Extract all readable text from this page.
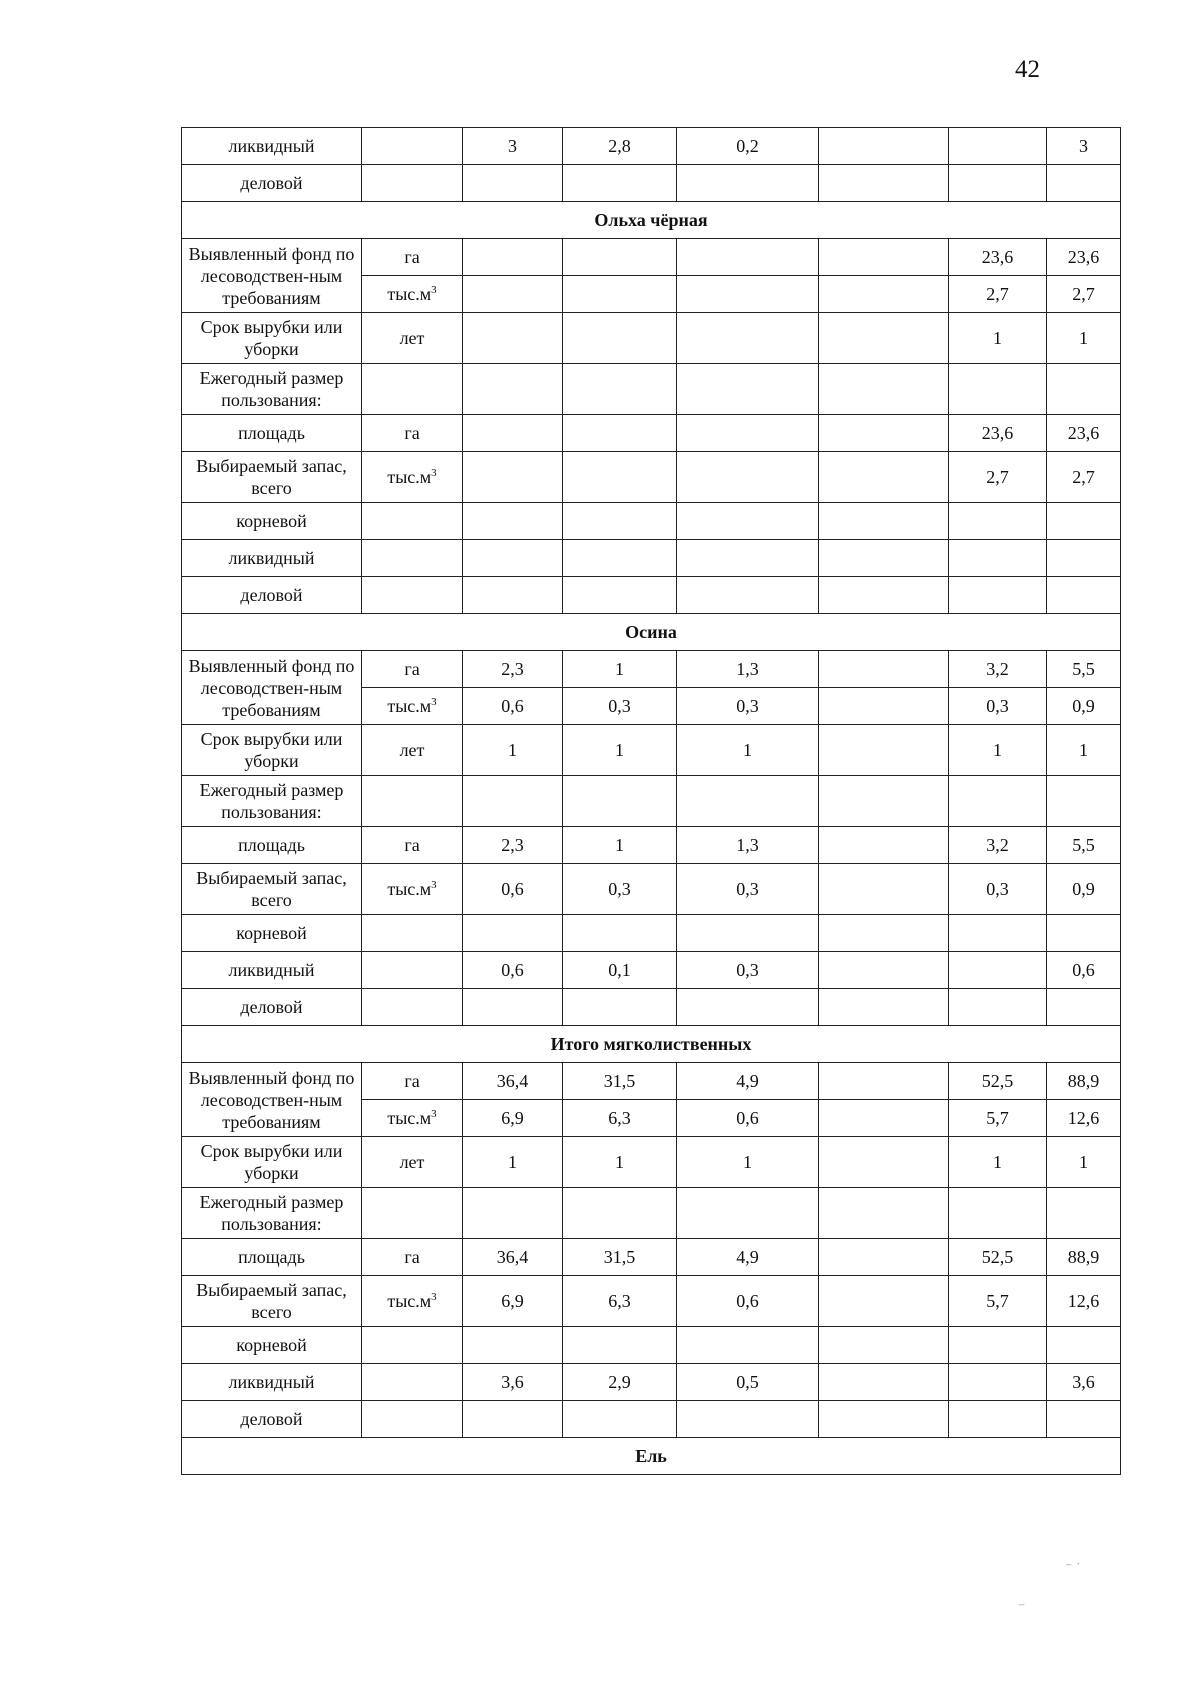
42
ликвидный		3	2,8	0,2			3
деловой							
Ольха чёрная							
Выявленный фонд по лесоводствен-ным требованиям	га					23,6	23,6
	$тыс.м^3$					2,7	2,7
Срок вырубки или уборки	лет					1	1
Ежегодный размер пользования:							
площадь	га					23,6	23,6
Выбираемый запас, всего	$тыс.м^3$					2,7	2,7
корневой							
ликвидный							
деловой							
Осина							
Выявленный фонд по лесоводствен-ным требованиям	га	2,3	1	1,3		3,2	5,5
	$тыс.м^3$	0,6	0,3	0,3		0,3	0,9
Срок вырубки или уборки	лет	1	1	1		1	1
Ежегодный размер пользования:							
площадь	га	2,3	1	1,3		3,2	5,5
Выбираемый запас, всего	$тыс.м^3$	0,6	0,3	0,3		0,3	0,9
корневой							
ликвидный		0,6	0,1	0,3			0,6
деловой							
Итого мягколиственных							
Выявленный фонд по лесоводствен-ным требованиям	га	36,4	31,5	4,9		52,5	88,9
	$тыс.м^3$	6,9	6,3	0,6		5,7	12,6
Срок вырубки или уборки	лет	1	1	1		1	1
Ежегодный размер пользования:							
площадь	га	36,4	31,5	4,9		52,5	88,9
Выбираемый запас, всего	$тыс.м^3$	6,9	6,3	0,6		5,7	12,6
корневой							
ликвидный		3,6	2,9	0,5			3,6
деловой							
Ель							
⁻ ˙
⁻
